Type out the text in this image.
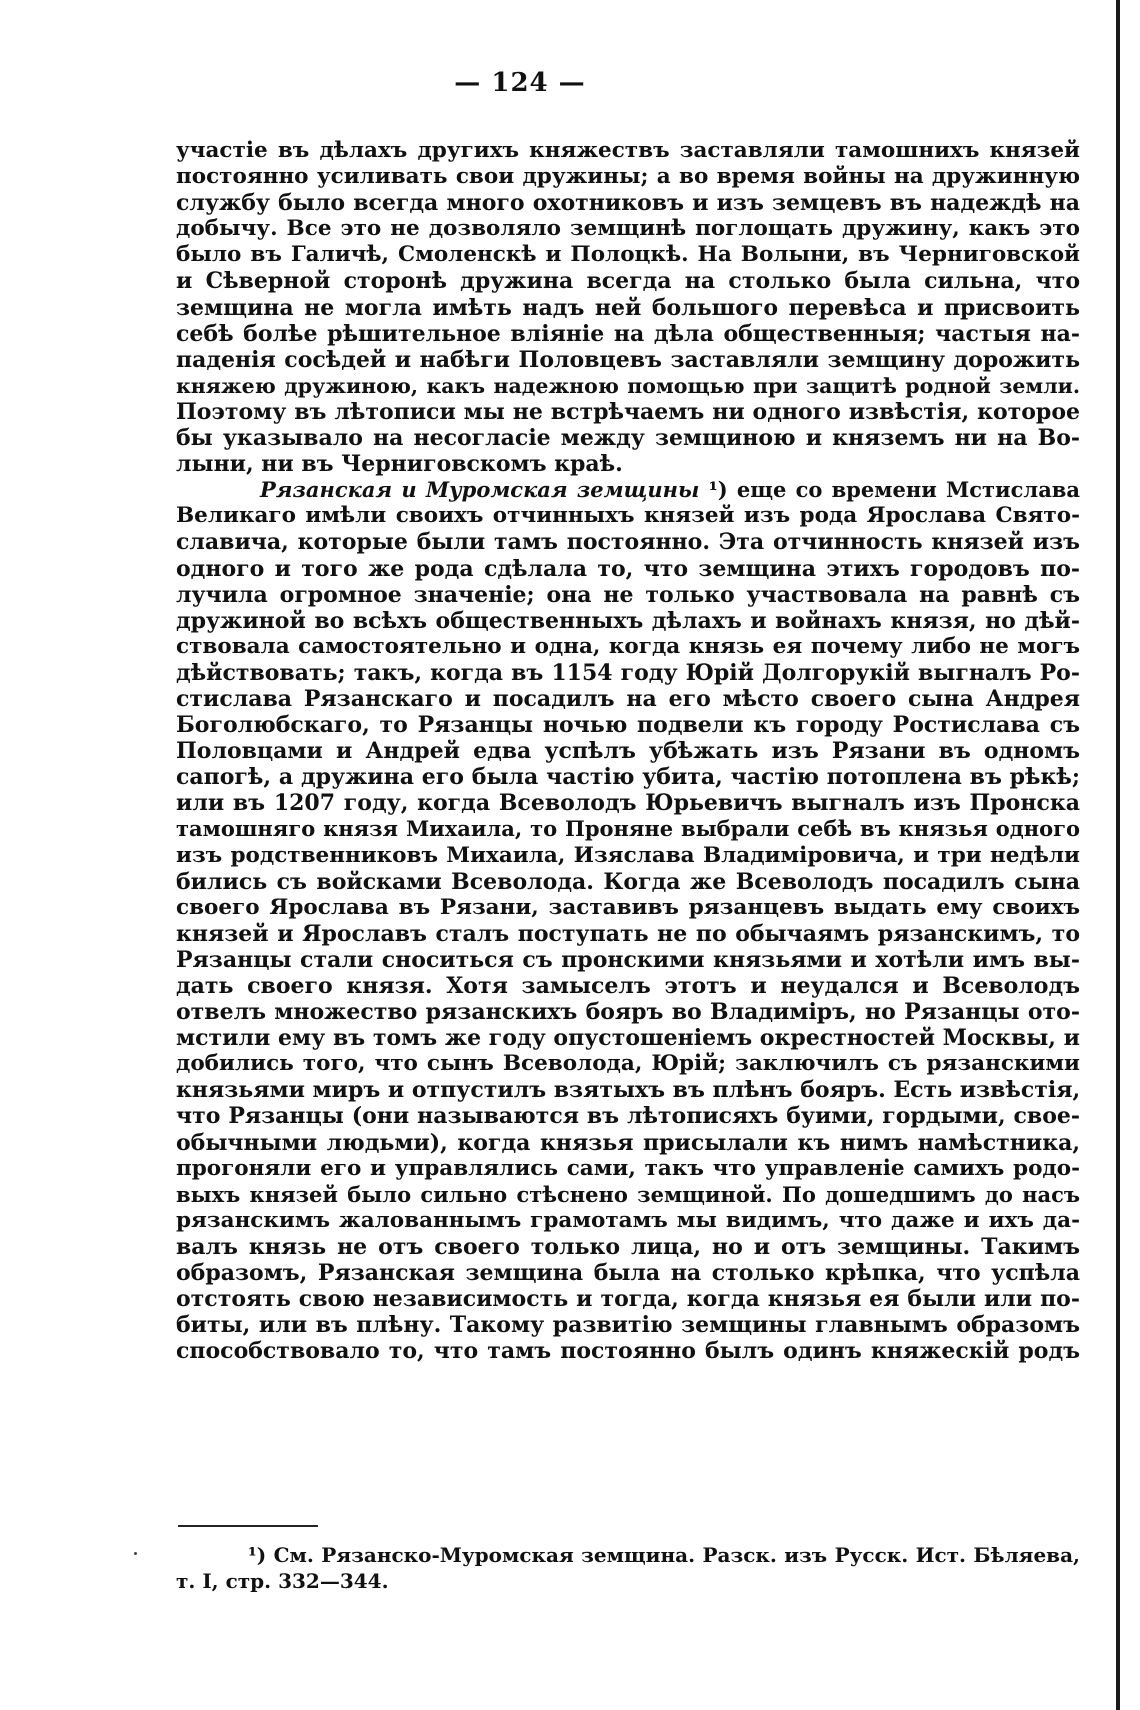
— 124 —
участіе въ дѣлахъ другихъ княжествъ заставляли тамошнихъ князей
постоянно усиливать свои дружины; а во время войны на дружинную
службу было всегда много охотниковъ и изъ земцевъ въ надеждѣ на
добычу. Все это не дозволяло земщинѣ поглощать дружину, какъ это
было въ Галичѣ, Смоленскѣ и Полоцкѣ. На Волыни, въ Черниговской
и Сѣверной сторонѣ дружина всегда на столько была сильна, что
земщина не могла имѣть надъ ней большого перевѣса и присвоить
себѣ болѣе рѣшительное вліяніе на дѣла общественныя; частыя на-
паденія сосѣдей и набѣги Половцевъ заставляли земщину дорожить
княжею дружиною, какъ надежною помощью при защитѣ родной земли.
Поэтому въ лѣтописи мы не встрѣчаемъ ни одного извѣстія, которое
бы указывало на несогласіе между земщиною и княземъ ни на Во-
лыни, ни въ Черниговскомъ краѣ.
Рязанская и Муромская земщины ¹) еще со времени Мстислава
Великаго имѣли своихъ отчинныхъ князей изъ рода Ярослава Свято-
славича, которые были тамъ постоянно. Эта отчинность князей изъ
одного и того же рода сдѣлала то, что земщина этихъ городовъ по-
лучила огромное значеніе; она не только участвовала на равнѣ съ
дружиной во всѣхъ общественныхъ дѣлахъ и войнахъ князя, но дѣй-
ствовала самостоятельно и одна, когда князь ея почему либо не могъ
дѣйствовать; такъ, когда въ 1154 году Юрій Долгорукій выгналъ Ро-
стислава Рязанскаго и посадилъ на его мѣсто своего сына Андрея
Боголюбскаго, то Рязанцы ночью подвели къ городу Ростислава съ
Половцами и Андрей едва успѣлъ убѣжать изъ Рязани въ одномъ
сапогѣ, а дружина его была частію убита, частію потоплена въ рѣкѣ;
или въ 1207 году, когда Всеволодъ Юрьевичъ выгналъ изъ Пронска
тамошняго князя Михаила, то Проняне выбрали себѣ въ князья одного
изъ родственниковъ Михаила, Изяслава Владиміровича, и три недѣли
бились съ войсками Всеволода. Когда же Всеволодъ посадилъ сына
своего Ярослава въ Рязани, заставивъ рязанцевъ выдать ему своихъ
князей и Ярославъ сталъ поступать не по обычаямъ рязанскимъ, то
Рязанцы стали сноситься съ пронскими князьями и хотѣли имъ вы-
дать своего князя. Хотя замыселъ этотъ и неудался и Всеволодъ
отвелъ множество рязанскихъ бояръ во Владиміръ, но Рязанцы ото-
мстили ему въ томъ же году опустошеніемъ окрестностей Москвы, и
добились того, что сынъ Всеволода, Юрій; заключилъ съ рязанскими
князьями миръ и отпустилъ взятыхъ въ плѣнъ бояръ. Есть извѣстія,
что Рязанцы (они называются въ лѣтописяхъ буими, гордыми, свое-
обычными людьми), когда князья присылали къ нимъ намѣстника,
прогоняли его и управлялись сами, такъ что управленіе самихъ родо-
выхъ князей было сильно стѣснено земщиной. По дошедшимъ до насъ
рязанскимъ жалованнымъ грамотамъ мы видимъ, что даже и ихъ да-
валъ князь не отъ своего только лица, но и отъ земщины. Такимъ
образомъ, Рязанская земщина была на столько крѣпка, что успѣла
отстоять свою независимость и тогда, когда князья ея были или по-
биты, или въ плѣну. Такому развитію земщины главнымъ образомъ
способствовало то, что тамъ постоянно былъ одинъ княжескій родъ
¹) См. Рязанско-Муромская земщина. Разск. изъ Русск. Ист. Бѣляева,
т. I, стр. 332—344.
